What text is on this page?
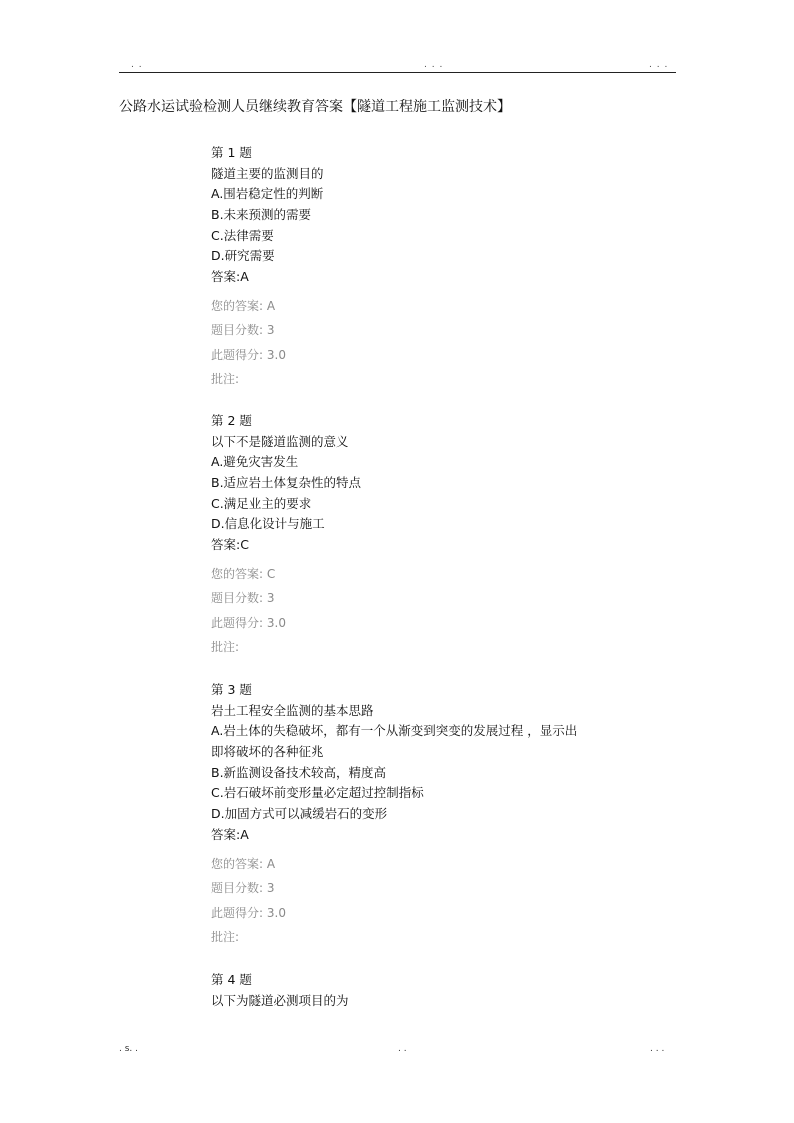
. .	. . .	. . .
公路水运试验检测人员继续教育答案【隧道工程施工监测技术】
第 1 题
隧道主要的监测目的
A.围岩稳定性的判断
B.未来预测的需要
C.法律需要
D.研究需要
答案:A
您的答案: A
题目分数: 3
此题得分: 3.0
批注:
第 2 题
以下不是隧道监测的意义
A.避免灾害发生
B.适应岩土体复杂性的特点
C.满足业主的要求
D.信息化设计与施工
答案:C
您的答案: C
题目分数: 3
此题得分: 3.0
批注:
第 3 题
岩土工程安全监测的基本思路
A.岩土体的失稳破坏，都有一个从渐变到突变的发展过程 ，显示出即将破坏的各种征兆
B.新监测设备技术较高，精度高
C.岩石破坏前变形量必定超过控制指标
D.加固方式可以减缓岩石的变形
答案:A
您的答案: A
题目分数: 3
此题得分: 3.0
批注:
第 4 题
以下为隧道必测项目的为
. s. .	. .	. . .
